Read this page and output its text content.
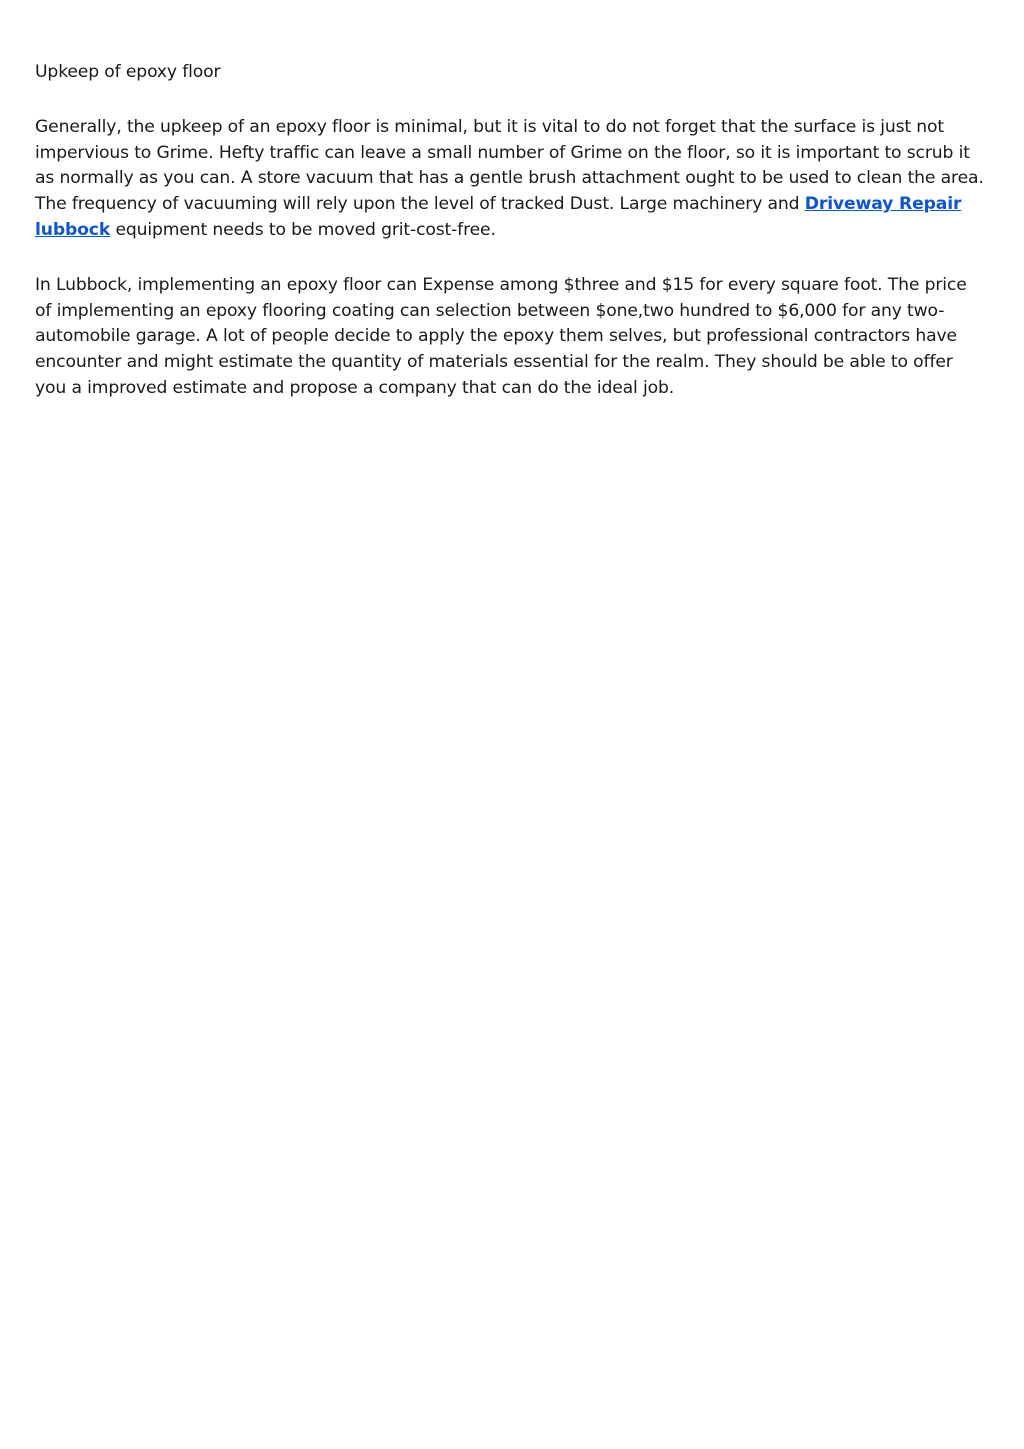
Upkeep of epoxy floor

Generally, the upkeep of an epoxy floor is minimal, but it is vital to do not forget that the surface is just not impervious to Grime. Hefty traffic can leave a small number of Grime on the floor, so it is important to scrub it as normally as you can. A store vacuum that has a gentle brush attachment ought to be used to clean the area. The frequency of vacuuming will rely upon the level of tracked Dust. Large machinery and Driveway Repair lubbock equipment needs to be moved grit-cost-free.

In Lubbock, implementing an epoxy floor can Expense among $three and $15 for every square foot. The price of implementing an epoxy flooring coating can selection between $one,two hundred to $6,000 for any two-automobile garage. A lot of people decide to apply the epoxy them selves, but professional contractors have encounter and might estimate the quantity of materials essential for the realm. They should be able to offer you a improved estimate and propose a company that can do the ideal job.
